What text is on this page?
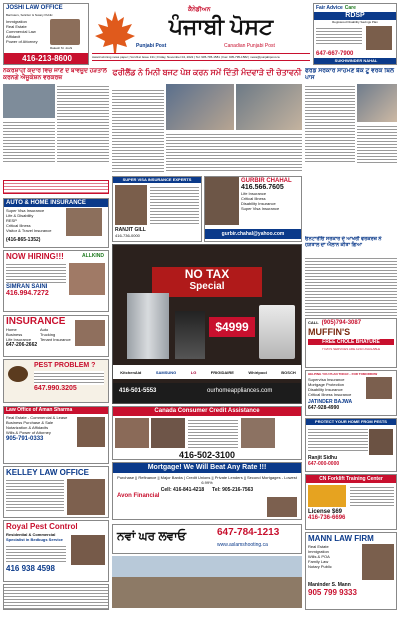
JOSHI LAW OFFICE
Barristers, Solicitor & Notary Public
Immigration
Real Estate
Commercial Law
Affidavit
Power of Attorney
Rakesh M. Joshi
416-213-8600
ਕੈਨੇਡੀਅਨ
ਪੰਜਾਬੀ ਪੋਸਟ
Punjabi Post	Canadian Punjabi Post
Award winning news paper | Vol 21st Issue 131 | Friday, November 04, 2022 | Tel: 905-795-1581 | Fax: 905-795-1582 | news@punjabipost.ca
Fair Advice Care
RDSP
Registered Disability Savings Plan
647-667-7900
SUKHWINDER NAHAL
ਨੌਕਰਸ਼ਾਹੀ ਕਦਾਰ ਵਿੱਚ ਜਾਣ ਦੇ ਬਾਵਜੂਦ ਹੜਤਾਲ ਕਰਨਗੇ ਐਜੂਕੇਸ਼ਨ ਵਰਕਰਜ਼
ਫਰੀਲੈਂਡ ਨੇ ਮਿਨੀ ਬਜਟ ਪੇਸ਼ ਕਰਨ ਸਮੇਂ ਦਿੱਤੀ ਮੰਦਵਾੜੇ ਦੀ ਚੇਤਾਵਨੀ ਫੋਰਡ ਸਰਕਾਰ ਸਾਹਮਣੇ ਬੈਕ ਟੂ ਵਰਕ ਬਿਲ ਪਾਸ
AUTO & HOME INSURANCE
Super Visa Insurance
Life & Disability
RESP
Critical Illness
Visitor & Travel Insurance
(416-865-1352)
SUPER VISA INSURANCE EXPERTS
RANJIT GILL
416-736-0000
GURBIR CHAHAL
416.566.7605
Life Insurance
Critical Illness
Disability Insurance
Super Visa Insurance
gurbir.chahal@yahoo.com
ਓਨਟਾਰੀਓ ਸਰਕਾਰ ਦੇ ਆਖਰੀ ਵਰਕਰਜ਼ ਨੇ ਹੜਤਾਲ ਦਾ ਐਲਾਨ ਕੀਤਾ ਗਿਆ
NOW HIRING!!!	ALLKIND
SIMRAN SAINI
416.994.7272
INSURANCE
Home	Auto
Business	Trucking
Life Insurance	Tenant Insurance
647-206-2662
PEST PROBLEM ?
647.990.3205
NO TAX
Special
$4999
KitchenAid	SAMSUNG	LG	FRIGIDAIRE	Whirlpool	BOSCH
416-501-5553	ourhomeappliances.com
CALL (905)794-3087
MUFFIN'S
FREE CHOLE BHATURE
7 DAYS SERVICES ARE ALSO AVAILABLE
HELPING YOU PLAN TODAY... FOR TOMORROW
Supervisa Insurance
Mortgage Protection
Disability Insurance
Critical Illness Insurance
JATINDER BAJWA
647-928-4990
Law Office of Aman Sharma
Real Estate - Commercial & Lease
Business Purchase & Sale
Notarization & Affidavits
Wills & Power of Attorney
905-791-0333
Canada Consumer Credit Assistance
416-502-3100
PROTECT YOUR HOME FROM PESTS
Ranjit Sidhu
647-000-0000
KELLEY LAW OFFICE
Mortgage! We Will Beat Any Rate !!!
Purchase || Refinance || Major Banks | Credit Unions || Private Lenders || Second Mortgages - Lowest 6.99%
Cell: 416-841-4218 Tel: 905-216-7563
Avon Financial
CN Forklift Training Center
License $69
416-736-6696
Royal Pest Control
Residential & Commercial
Specialist in Bedbugs Service
416 938 4598
ਨਵਾਂ ਘਰ ਲਵਾਓ	647-784-1213
www.aslamshooting.ca
MANN LAW FIRM
Real Estate
Immigration
Wills & POA
Family Law
Notary Public
Maninder S. Mann
905 799 9333
